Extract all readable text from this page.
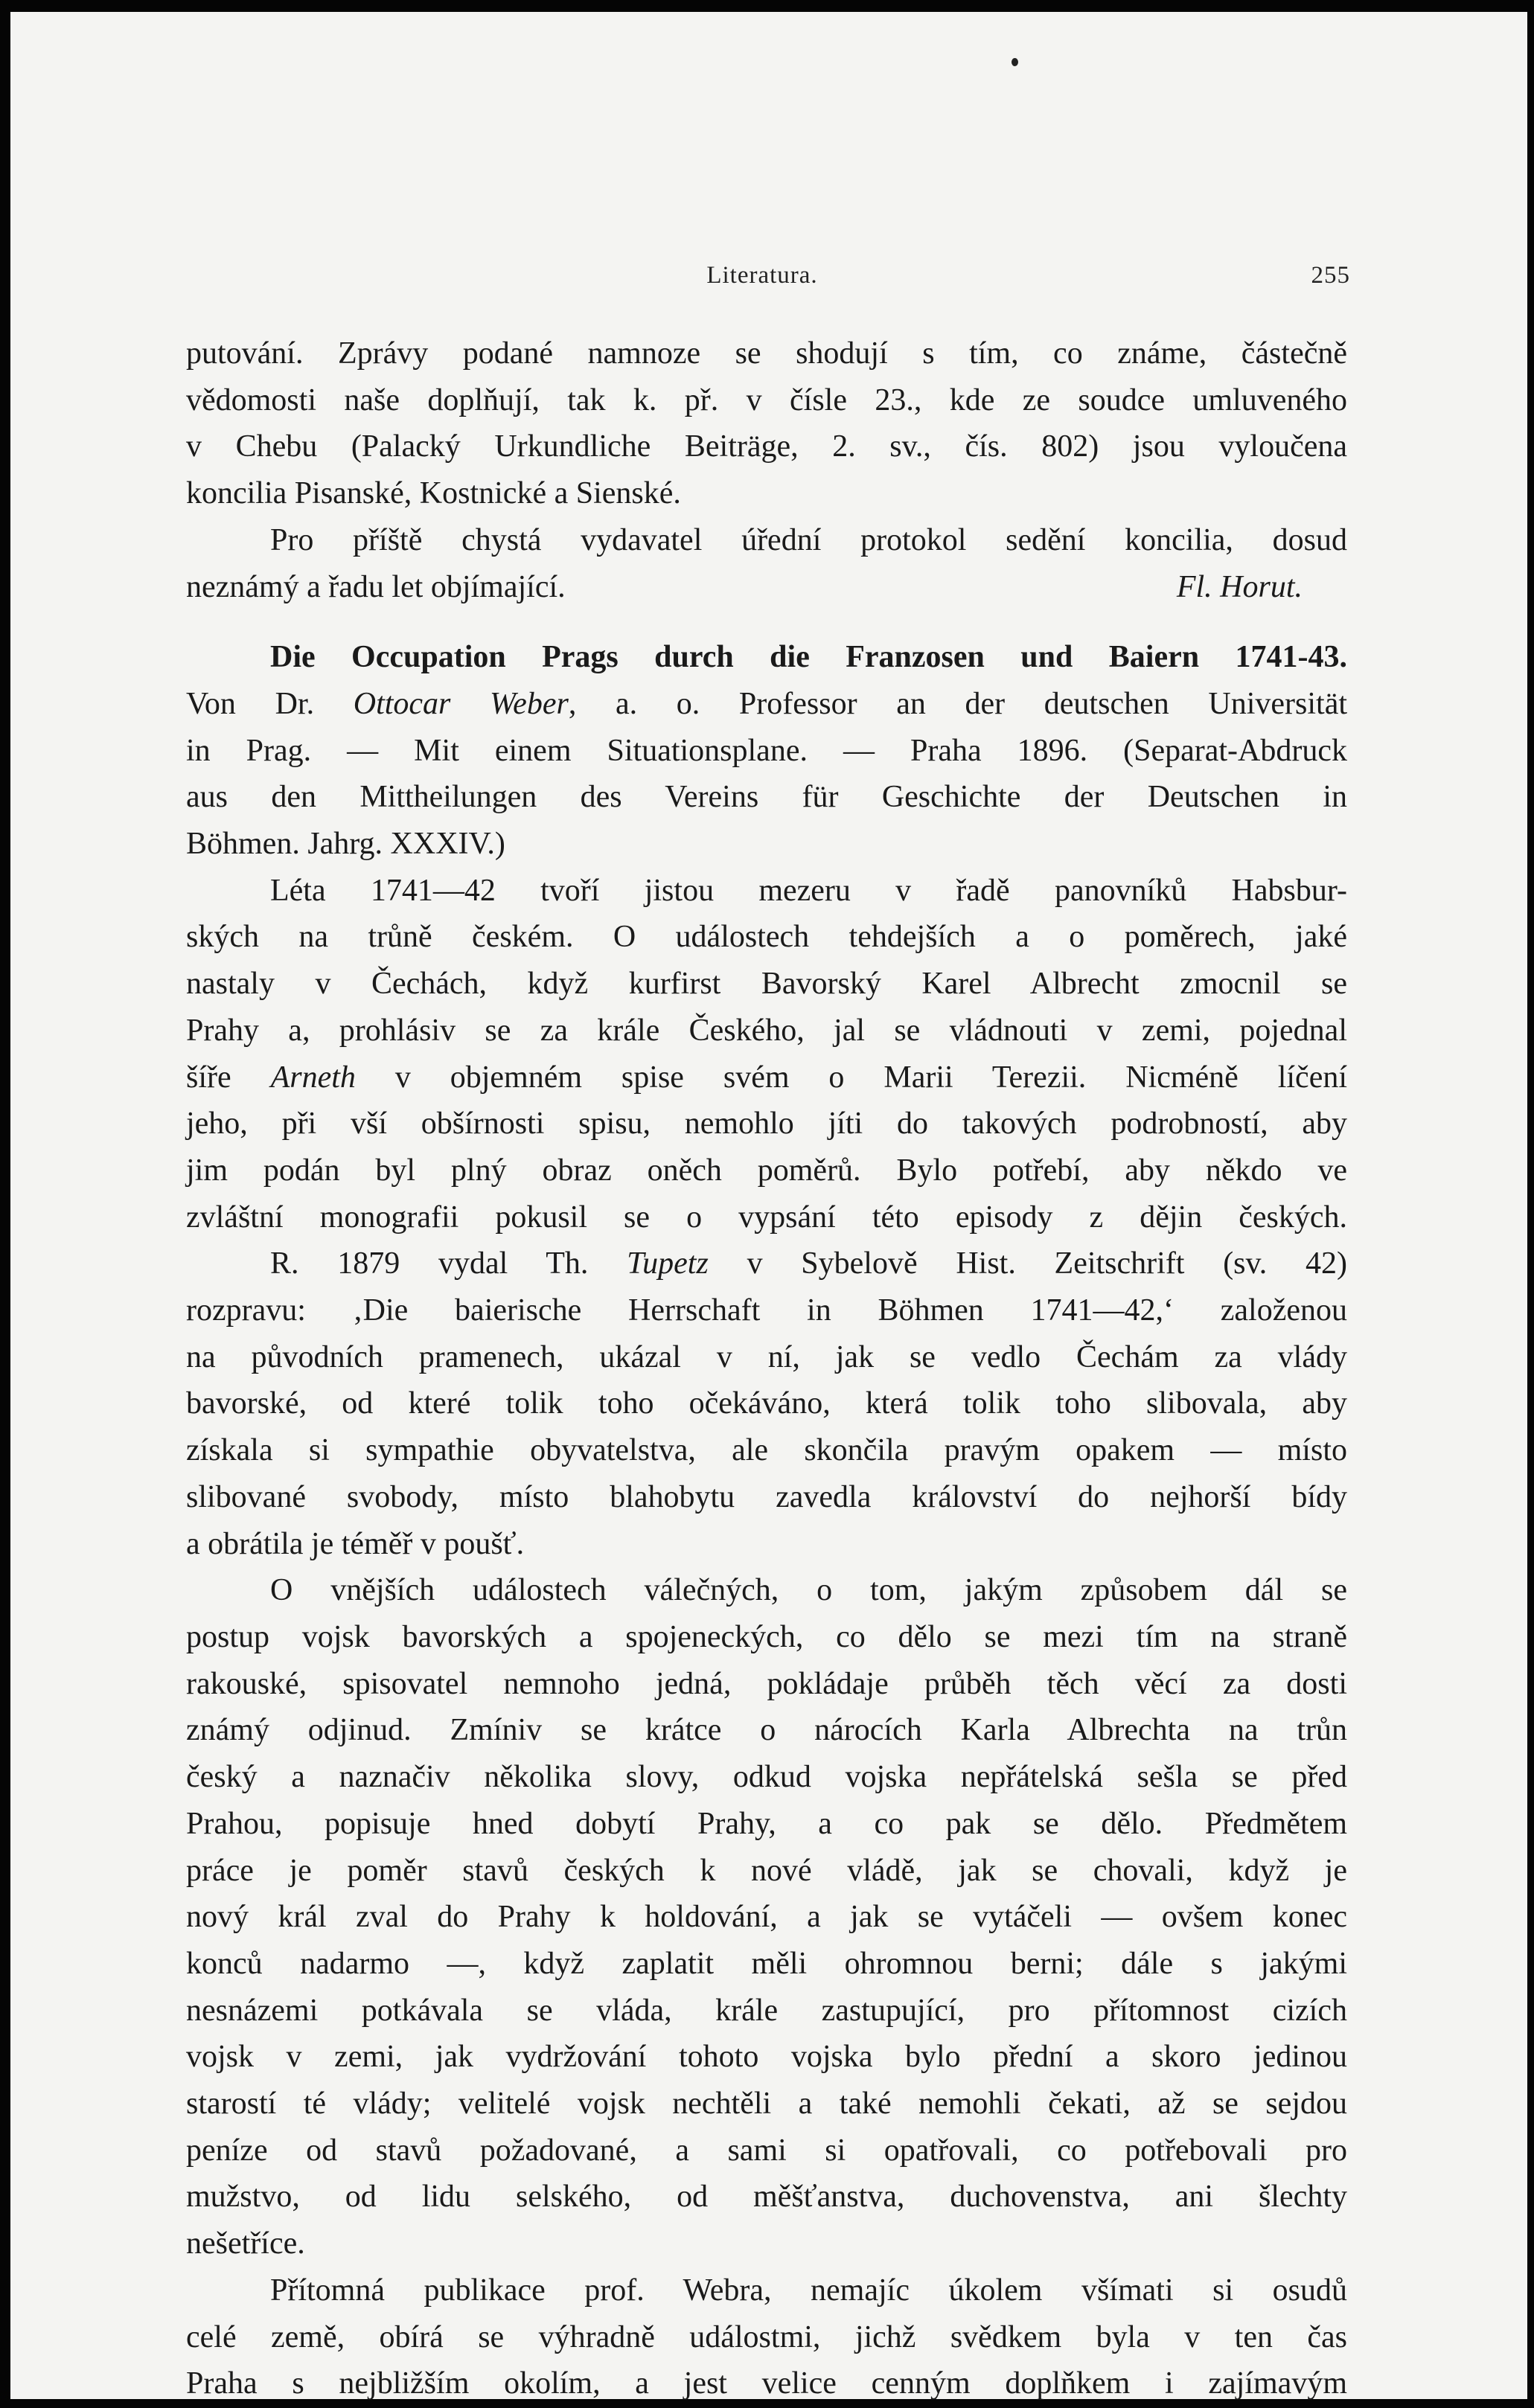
Literatura.	255

putování. Zprávy podané namnoze se shodují s tím, co známe, částečně

vědomosti naše doplňují, tak k. př. v čísle 23., kde ze soudce umluveného

v Chebu (Palacký Urkundliche Beiträge, 2. sv., čís. 802) jsou vyloučena

koncilia Pisanské, Kostnické a Sienské.

Pro příště chystá vydavatel úřední protokol sedění koncilia, dosud

neznámý a řadu let objímající.	Fl. Horut.

Die Occupation Prags durch die Franzosen und Baiern 1741-43.

Von Dr. Ottocar Weber, a. o. Professor an der deutschen Universität

in Prag. — Mit einem Situationsplane. — Praha 1896. (Separat-Abdruck

aus den Mittheilungen des Vereins für Geschichte der Deutschen in

Böhmen. Jahrg. XXXIV.)

Léta 1741—42 tvoří jistou mezeru v řadě panovníků Habsbur-

ských na trůně českém. O událostech tehdejších a o poměrech, jaké

nastaly v Čechách, když kurfirst Bavorský Karel Albrecht zmocnil se

Prahy a, prohlásiv se za krále Českého, jal se vládnouti v zemi, pojednal

šíře Arneth v objemném spise svém o Marii Terezii. Nicméně líčení

jeho, při vší obšírnosti spisu, nemohlo jíti do takových podrobností, aby

jim podán byl plný obraz oněch poměrů. Bylo potřebí, aby někdo ve

zvláštní monografii pokusil se o vypsání této episody z dějin českých.

R. 1879 vydal Th. Tupetz v Sybelově Hist. Zeitschrift (sv. 42)

rozpravu: ‚Die baierische Herrschaft in Böhmen 1741—42,‘ založenou

na původních pramenech, ukázal v ní, jak se vedlo Čechám za vlády

bavorské, od které tolik toho očekáváno, která tolik toho slibovala, aby

získala si sympathie obyvatelstva, ale skončila pravým opakem — místo

slibované svobody, místo blahobytu zavedla království do nejhorší bídy

a obrátila je téměř v poušť.

O vnějších událostech válečných, o tom, jakým způsobem dál se

postup vojsk bavorských a spojeneckých, co dělo se mezi tím na straně

rakouské, spisovatel nemnoho jedná, pokládaje průběh těch věcí za dosti

známý odjinud. Zmíniv se krátce o nárocích Karla Albrechta na trůn

český a naznačiv několika slovy, odkud vojska nepřátelská sešla se před

Prahou, popisuje hned dobytí Prahy, a co pak se dělo. Předmětem

práce je poměr stavů českých k nové vládě, jak se chovali, když je

nový král zval do Prahy k holdování, a jak se vytáčeli — ovšem konec

konců nadarmo —, když zaplatit měli ohromnou berni; dále s jakými

nesnázemi potkávala se vláda, krále zastupující, pro přítomnost cizích

vojsk v zemi, jak vydržování tohoto vojska bylo přední a skoro jedinou

starostí té vlády; velitelé vojsk nechtěli a také nemohli čekati, až se sejdou

peníze od stavů požadované, a sami si opatřovali, co potřebovali pro

mužstvo, od lidu selského, od měšťanstva, duchovenstva, ani šlechty

nešetříce.

Přítomná publikace prof. Webra, nemajíc úkolem všímati si osudů

celé země, obírá se výhradně událostmi, jichž svědkem byla v ten čas

Praha s nejbližším okolím, a jest velice cenným doplňkem i zajímavým
